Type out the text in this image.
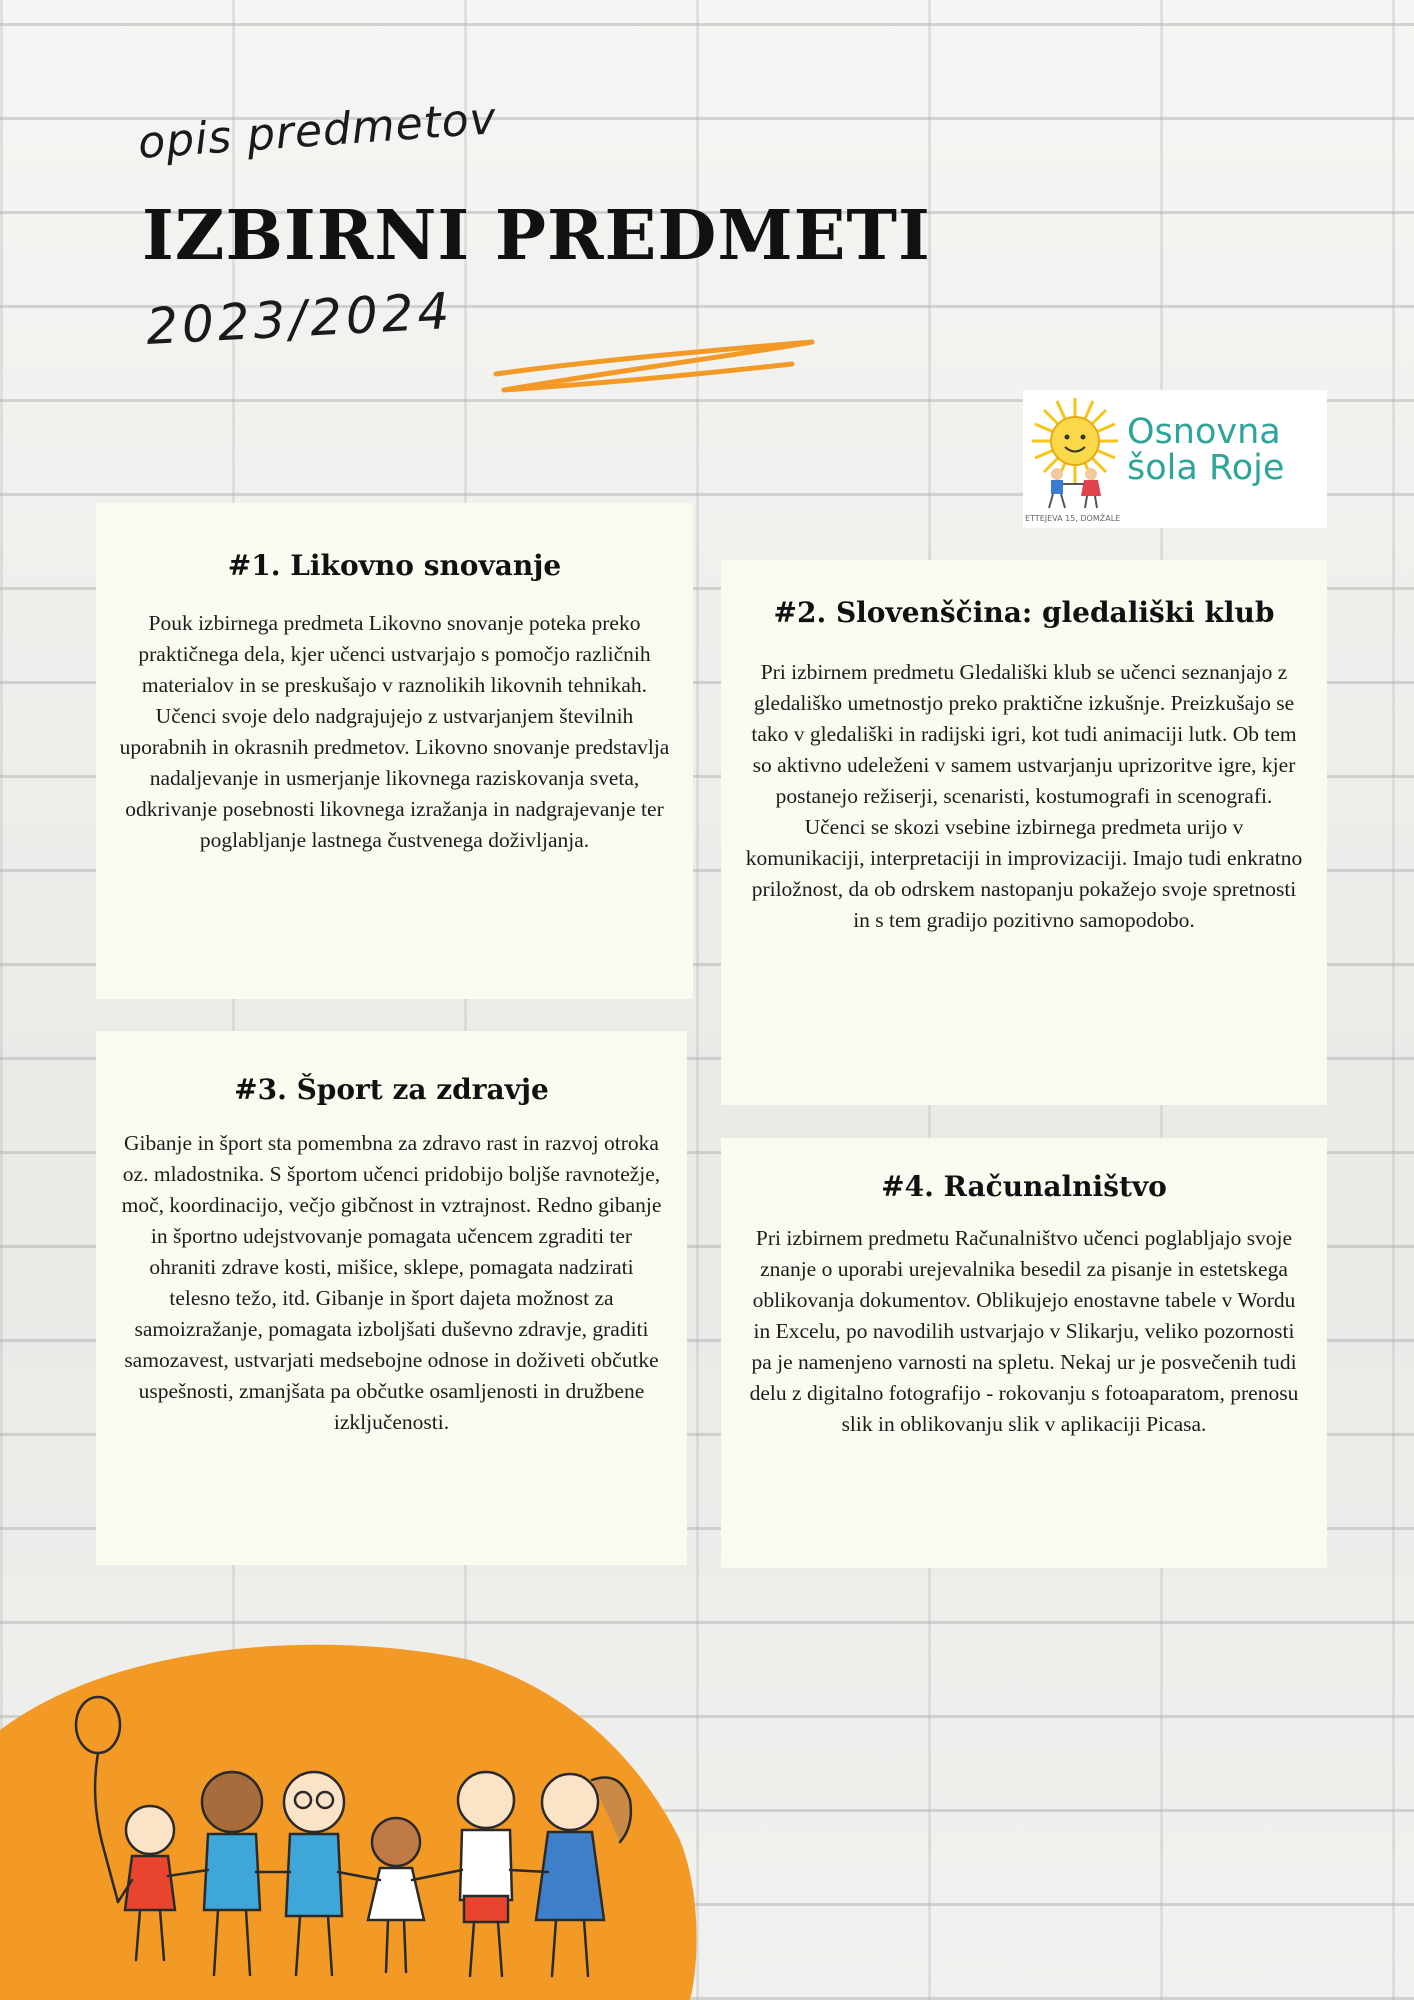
opis predmetov
IZBIRNI PREDMETI
2023/2024
Osnovna
šola Roje
ETTEJEVA 15, DOMŽALE
#1. Likovno snovanje

Pouk izbirnega predmeta Likovno snovanje poteka preko praktičnega dela, kjer učenci ustvarjajo s pomočjo različnih materialov in se preskušajo v raznolikih likovnih tehnikah. Učenci svoje delo nadgrajujejo z ustvarjanjem številnih uporabnih in okrasnih predmetov. Likovno snovanje predstavlja nadaljevanje in usmerjanje likovnega raziskovanja sveta, odkrivanje posebnosti likovnega izražanja in nadgrajevanje ter poglabljanje lastnega čustvenega doživljanja.

#2. Slovenščina: gledališki klub

Pri izbirnem predmetu Gledališki klub se učenci seznanjajo z gledališko umetnostjo preko praktične izkušnje. Preizkušajo se tako v gledališki in radijski igri, kot tudi animaciji lutk. Ob tem so aktivno udeleženi v samem ustvarjanju uprizoritve igre, kjer postanejo režiserji, scenaristi, kostumografi in scenografi. Učenci se skozi vsebine izbirnega predmeta urijo v komunikaciji, interpretaciji in improvizaciji. Imajo tudi enkratno priložnost, da ob odrskem nastopanju pokažejo svoje spretnosti in s tem gradijo pozitivno samopodobo.

#3. Šport za zdravje

Gibanje in šport sta pomembna za zdravo rast in razvoj otroka oz. mladostnika. S športom učenci pridobijo boljše ravnotežje, moč, koordinacijo, večjo gibčnost in vztrajnost. Redno gibanje in športno udejstvovanje pomagata učencem zgraditi ter ohraniti zdrave kosti, mišice, sklepe, pomagata nadzirati telesno težo, itd. Gibanje in šport dajeta možnost za samoizražanje, pomagata izboljšati duševno zdravje, graditi samozavest, ustvarjati medsebojne odnose in doživeti občutke uspešnosti, zmanjšata pa občutke osamljenosti in družbene izključenosti.

#4. Računalništvo

Pri izbirnem predmetu Računalništvo učenci poglabljajo svoje znanje o uporabi urejevalnika besedil za pisanje in estetskega oblikovanja dokumentov. Oblikujejo enostavne tabele v Wordu in Excelu, po navodilih ustvarjajo v Slikarju, veliko pozornosti pa je namenjeno varnosti na spletu. Nekaj ur je posvečenih tudi delu z digitalno fotografijo - rokovanju s fotoaparatom, prenosu slik in oblikovanju slik v aplikaciji Picasa.
